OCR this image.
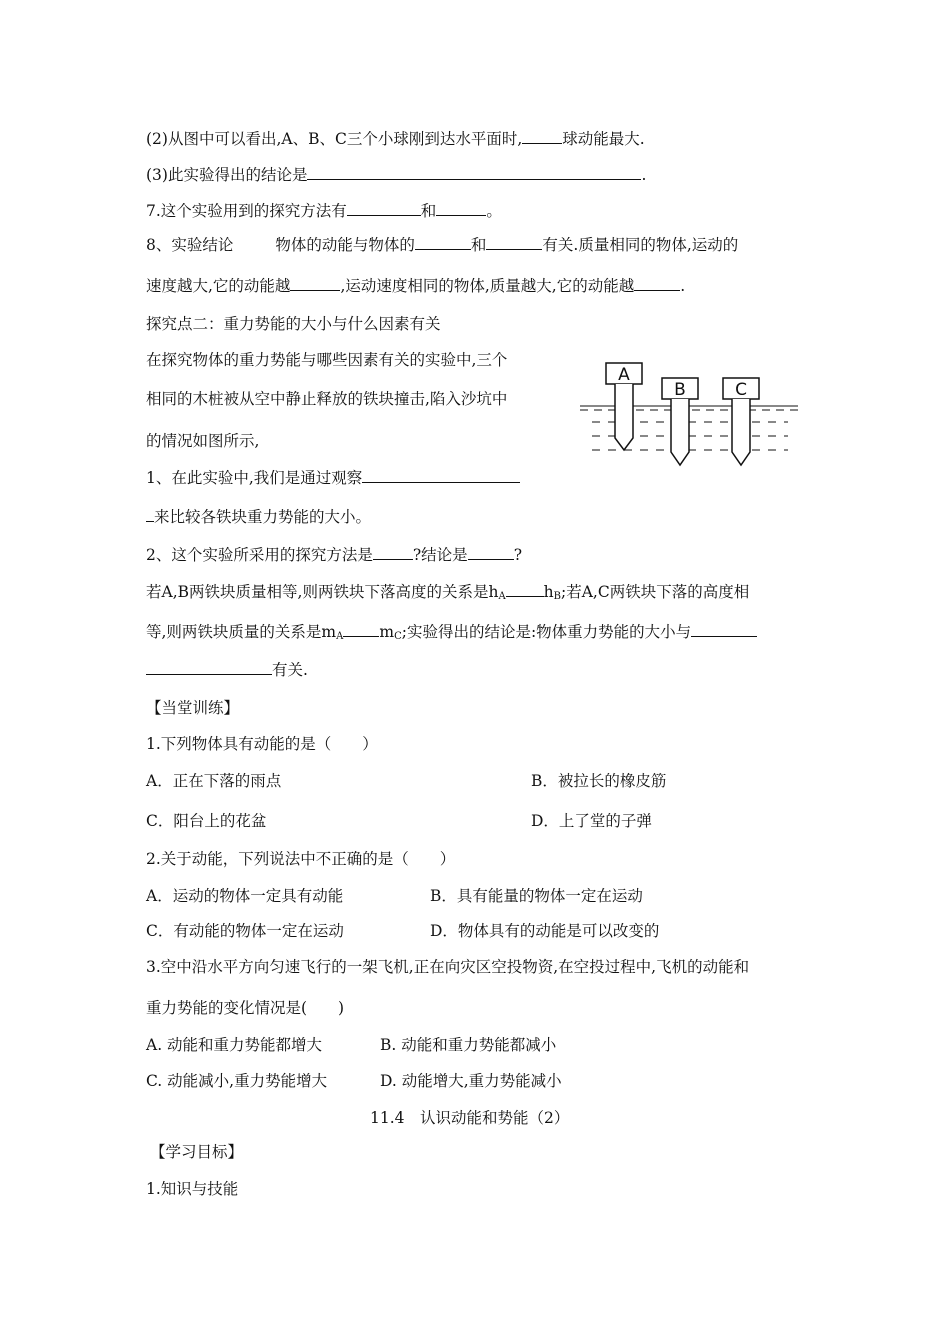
(2)从图中可以看出,A、B、C三个小球刚到达水平面时,	球动能最大.
(3)此实验得出的结论是	.
7.这个实验用到的探究方法有	和	。
8、实验结论	物体的动能与物体的	和	有关.质量相同的物体,运动的
速度越大,它的动能越	,运动速度相同的物体,质量越大,它的动能越	.
探究点二：重力势能的大小与什么因素有关
在探究物体的重力势能与哪些因素有关的实验中,三个
相同的木桩被从空中静止释放的铁块撞击,陷入沙坑中
的情况如图所示,
A
B	C
1、在此实验中,我们是通过观察
来比较各铁块重力势能的大小。
2、这个实验所采用的探究方法是	?结论是	?
若A,B两铁块质量相等,则两铁块下落高度的关系是$h_A$ $h_B$;若A,C两铁块下落的高度相
等,则两铁块质量的关系是$m_A$ $m_C$;实验得出的结论是:物体重力势能的大小与
有关.
【当堂训练】
1.下列物体具有动能的是（　　）
A．正在下落的雨点	B．被拉长的橡皮筋
C．阳台上的花盆	D．上了堂的子弹
2.关于动能，下列说法中不正确的是（　　）
A．运动的物体一定具有动能	B．具有能量的物体一定在运动
C．有动能的物体一定在运动	D．物体具有的动能是可以改变的
3.空中沿水平方向匀速飞行的一架飞机,正在向灾区空投物资,在空投过程中,飞机的动能和
重力势能的变化情况是(　　)
A. 动能和重力势能都增大	B. 动能和重力势能都减小
C. 动能减小,重力势能增大	D. 动能增大,重力势能减小
11.4　认识动能和势能（2）
【学习目标】
1.知识与技能
